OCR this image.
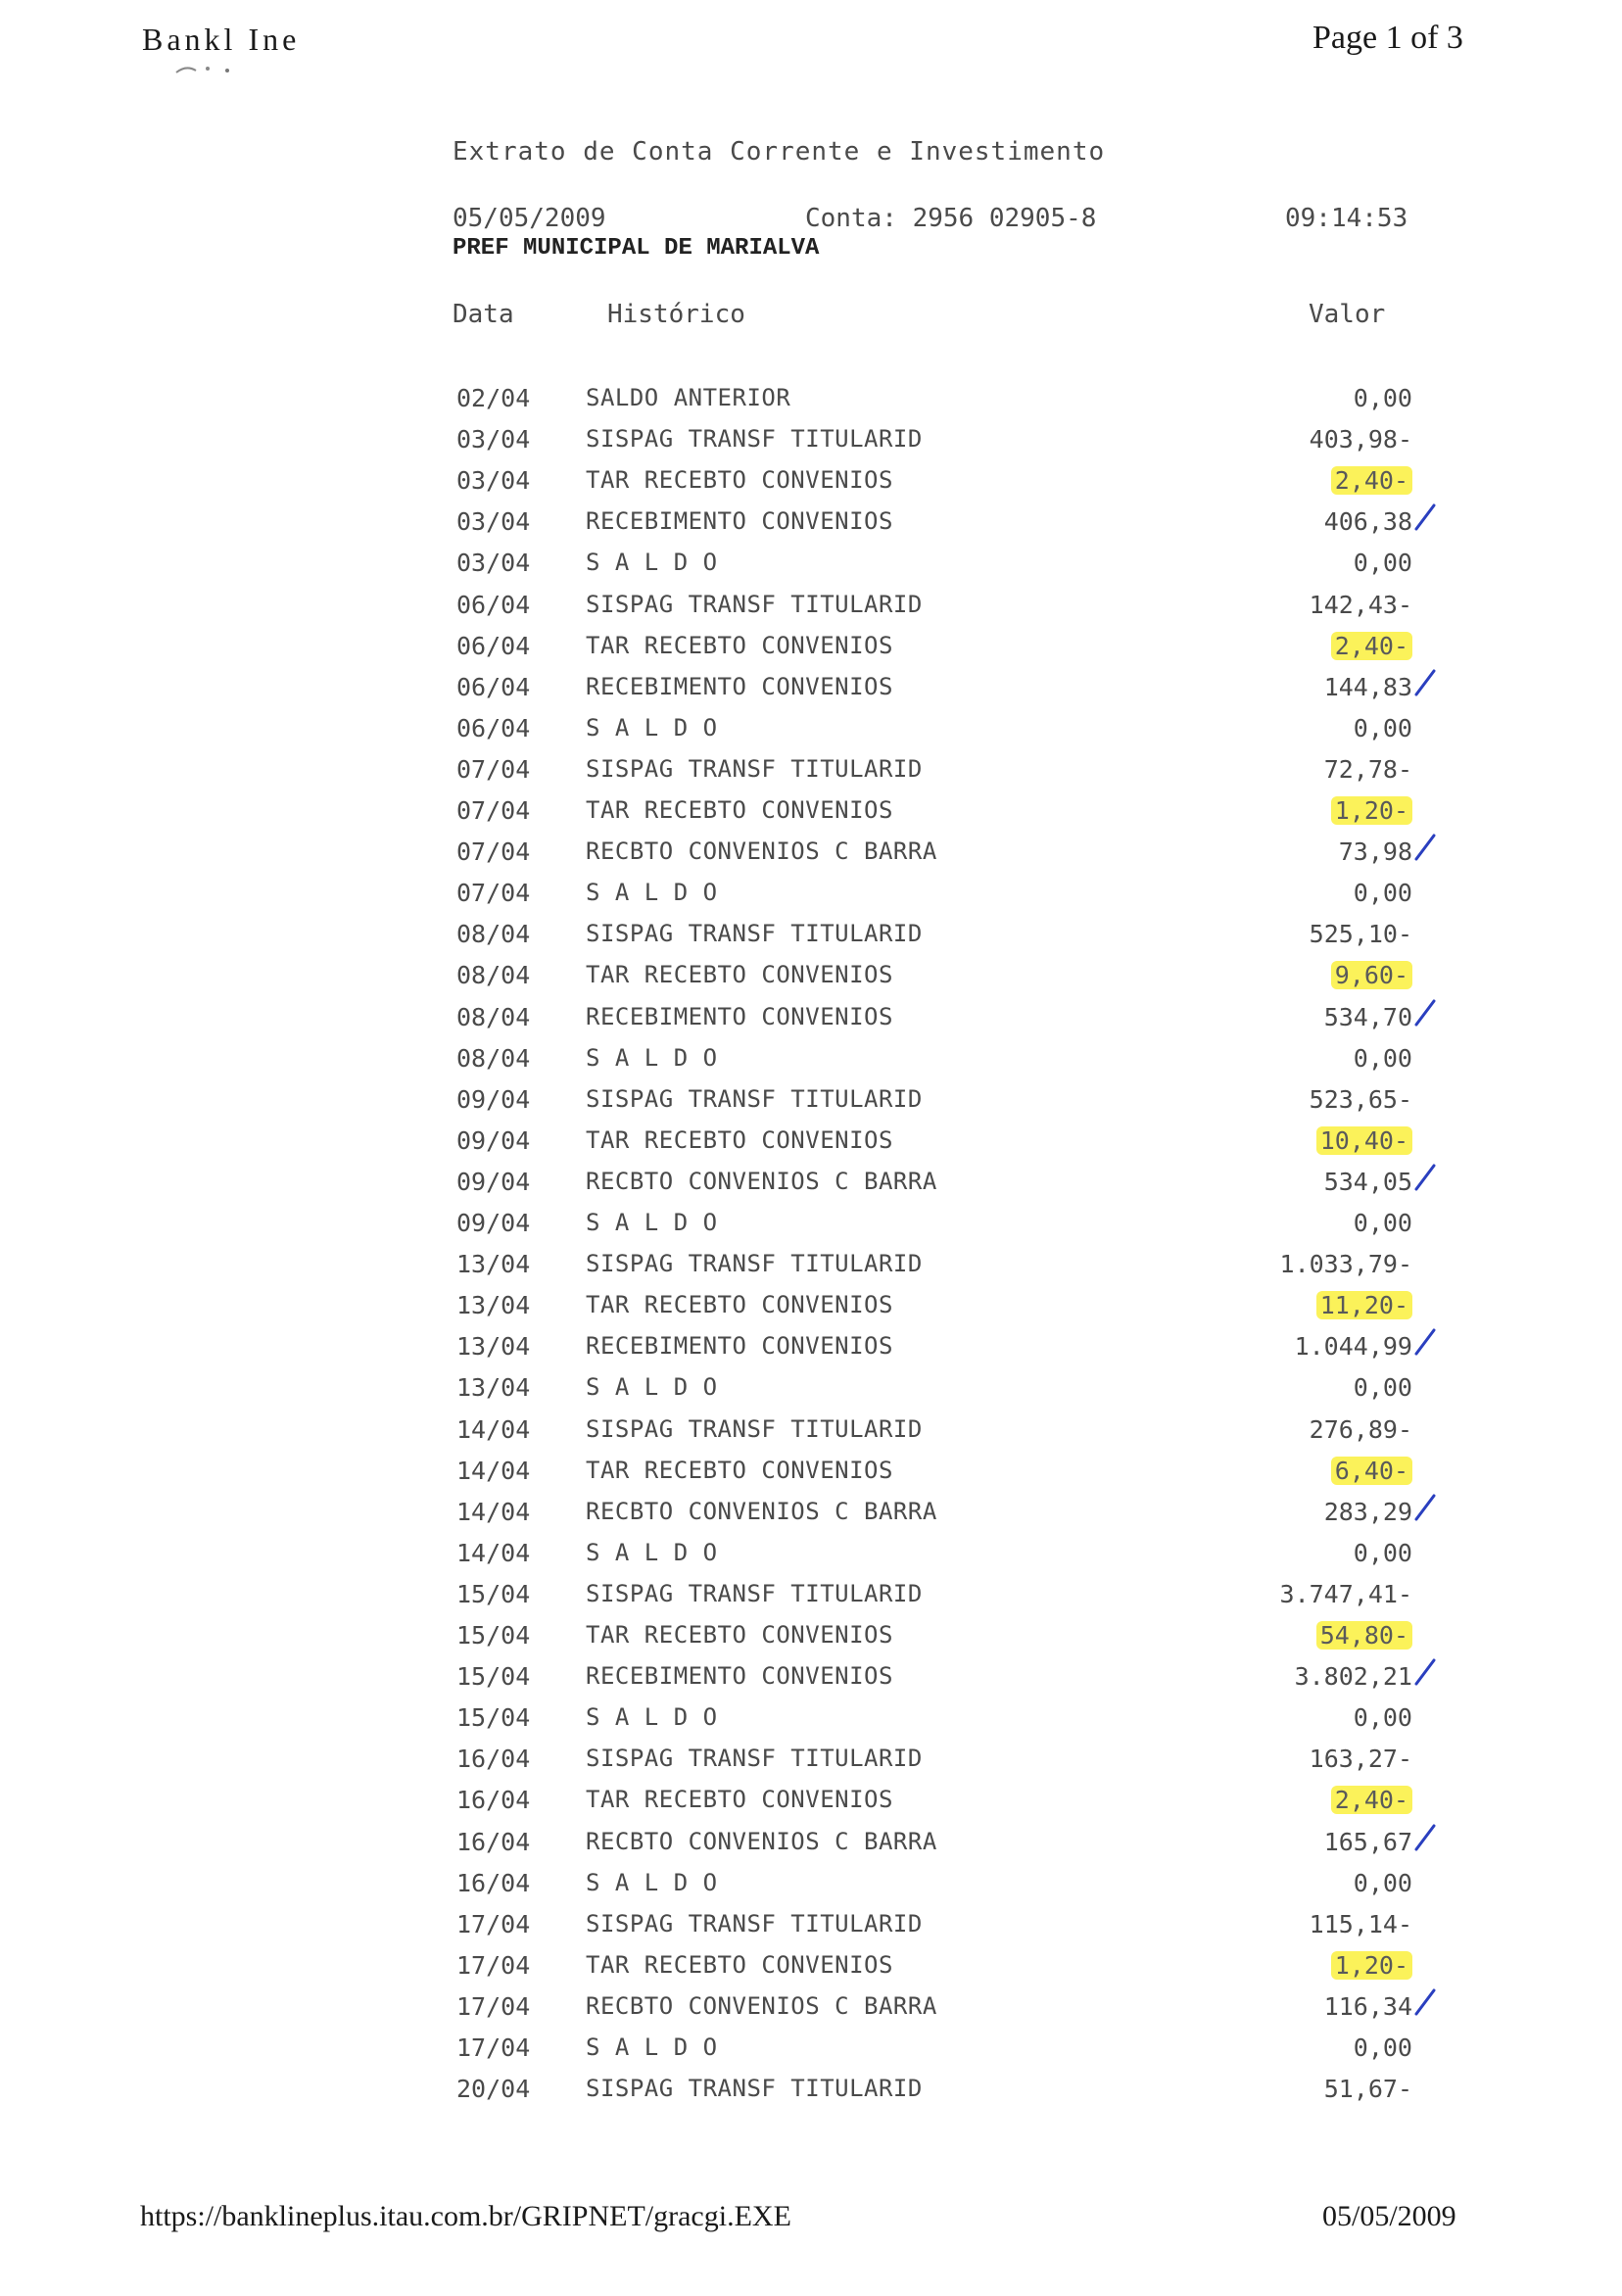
Bankl Ine	Page 1 of 3
Extrato de Conta Corrente e Investimento
05/05/2009	Conta: 2956 02905-8	09:14:53
PREF MUNICIPAL DE MARIALVA
Data	Histórico	Valor
02/04 SALDO ANTERIOR	0,00
03/04 SISPAG TRANSF TITULARID	403,98-
03/04 TAR RECEBTO CONVENIOS	2,40-
03/04 RECEBIMENTO CONVENIOS	406,38
03/04 S A L D O	0,00
06/04 SISPAG TRANSF TITULARID	142,43-
06/04 TAR RECEBTO CONVENIOS	2,40-
06/04 RECEBIMENTO CONVENIOS	144,83
06/04 S A L D O	0,00
07/04 SISPAG TRANSF TITULARID	72,78-
07/04 TAR RECEBTO CONVENIOS	1,20-
07/04 RECBTO CONVENIOS C BARRA	73,98
07/04 S A L D O	0,00
08/04 SISPAG TRANSF TITULARID	525,10-
08/04 TAR RECEBTO CONVENIOS	9,60-
08/04 RECEBIMENTO CONVENIOS	534,70
08/04 S A L D O	0,00
09/04 SISPAG TRANSF TITULARID	523,65-
09/04 TAR RECEBTO CONVENIOS	10,40-
09/04 RECBTO CONVENIOS C BARRA	534,05
09/04 S A L D O	0,00
13/04 SISPAG TRANSF TITULARID	1.033,79-
13/04 TAR RECEBTO CONVENIOS	11,20-
13/04 RECEBIMENTO CONVENIOS	1.044,99
13/04 S A L D O	0,00
14/04 SISPAG TRANSF TITULARID	276,89-
14/04 TAR RECEBTO CONVENIOS	6,40-
14/04 RECBTO CONVENIOS C BARRA	283,29
14/04 S A L D O	0,00
15/04 SISPAG TRANSF TITULARID	3.747,41-
15/04 TAR RECEBTO CONVENIOS	54,80-
15/04 RECEBIMENTO CONVENIOS	3.802,21
15/04 S A L D O	0,00
16/04 SISPAG TRANSF TITULARID	163,27-
16/04 TAR RECEBTO CONVENIOS	2,40-
16/04 RECBTO CONVENIOS C BARRA	165,67
16/04 S A L D O	0,00
17/04 SISPAG TRANSF TITULARID	115,14-
17/04 TAR RECEBTO CONVENIOS	1,20-
17/04 RECBTO CONVENIOS C BARRA	116,34
17/04 S A L D O	0,00
20/04 SISPAG TRANSF TITULARID	51,67-
https://banklineplus.itau.com.br/GRIPNET/gracgi.EXE	05/05/2009
